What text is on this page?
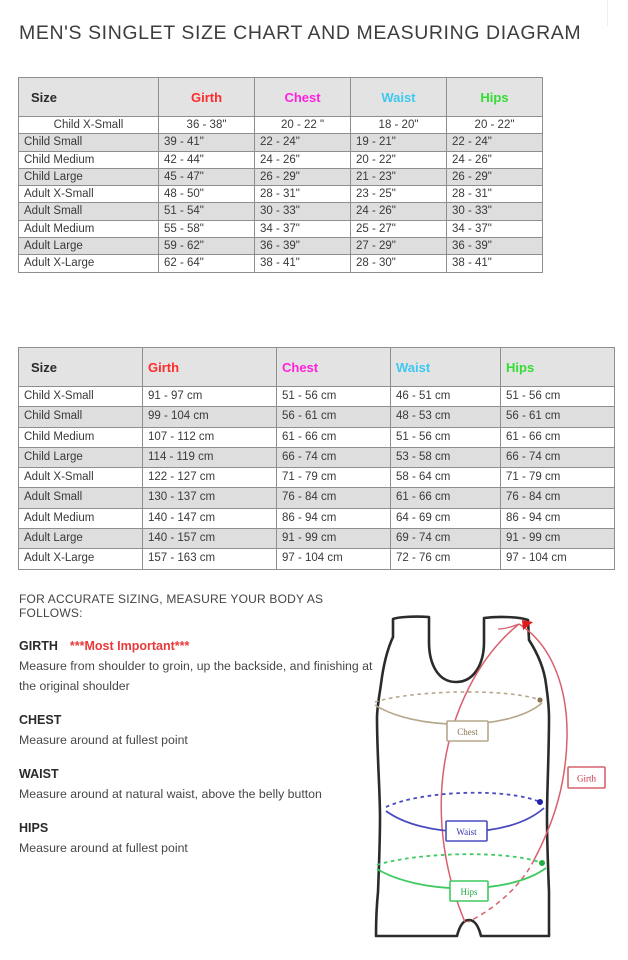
MEN'S SINGLET SIZE CHART AND MEASURING DIAGRAM
Size	Girth	Chest	Waist	Hips
Child X-Small	36 - 38"	20 - 22 "	18 - 20"	20 - 22"
Child Small	39 - 41"	22 - 24"	19 - 21"	22 - 24"
Child Medium	42 - 44"	24 - 26"	20 - 22"	24 - 26"
Child Large	45 - 47"	26 - 29"	21 - 23"	26 - 29"
Adult X-Small	48 - 50"	28 - 31"	23 - 25"	28 - 31"
Adult Small	51 - 54"	30 - 33"	24 - 26"	30 - 33"
Adult Medium	55 - 58"	34 - 37"	25 - 27"	34 - 37"
Adult Large	59 - 62"	36 - 39"	27 - 29"	36 - 39"
Adult X-Large	62 - 64"	38 - 41"	28 - 30"	38 - 41"
Size	Girth	Chest	Waist	Hips
Child X-Small	91 - 97 cm	51 - 56 cm	46 - 51 cm	51 - 56 cm
Child Small	99 - 104 cm	56 - 61 cm	48 - 53 cm	56 - 61 cm
Child Medium	107 - 112 cm	61 - 66 cm	51 - 56 cm	61 - 66 cm
Child Large	114 - 119 cm	66 - 74 cm	53 - 58 cm	66 - 74 cm
Adult X-Small	122 - 127 cm	71 - 79 cm	58 - 64 cm	71 - 79 cm
Adult Small	130 - 137 cm	76 - 84 cm	61 - 66 cm	76 - 84 cm
Adult Medium	140 - 147 cm	86 - 94 cm	64 - 69 cm	86 - 94 cm
Adult Large	140 - 157 cm	91 - 99 cm	69 - 74 cm	91 - 99 cm
Adult X-Large	157 - 163 cm	97 - 104 cm	72 - 76 cm	97 - 104 cm
FOR ACCURATE SIZING, MEASURE YOUR BODY AS FOLLOWS:
GIRTH ***Most Important***
Measure from shoulder to groin, up the backside, and finishing at the original shoulder
CHEST
Measure around at fullest point
WAIST
Measure around at natural waist, above the belly button
HIPS
Measure around at fullest point
Chest
Waist
Hips
Girth
